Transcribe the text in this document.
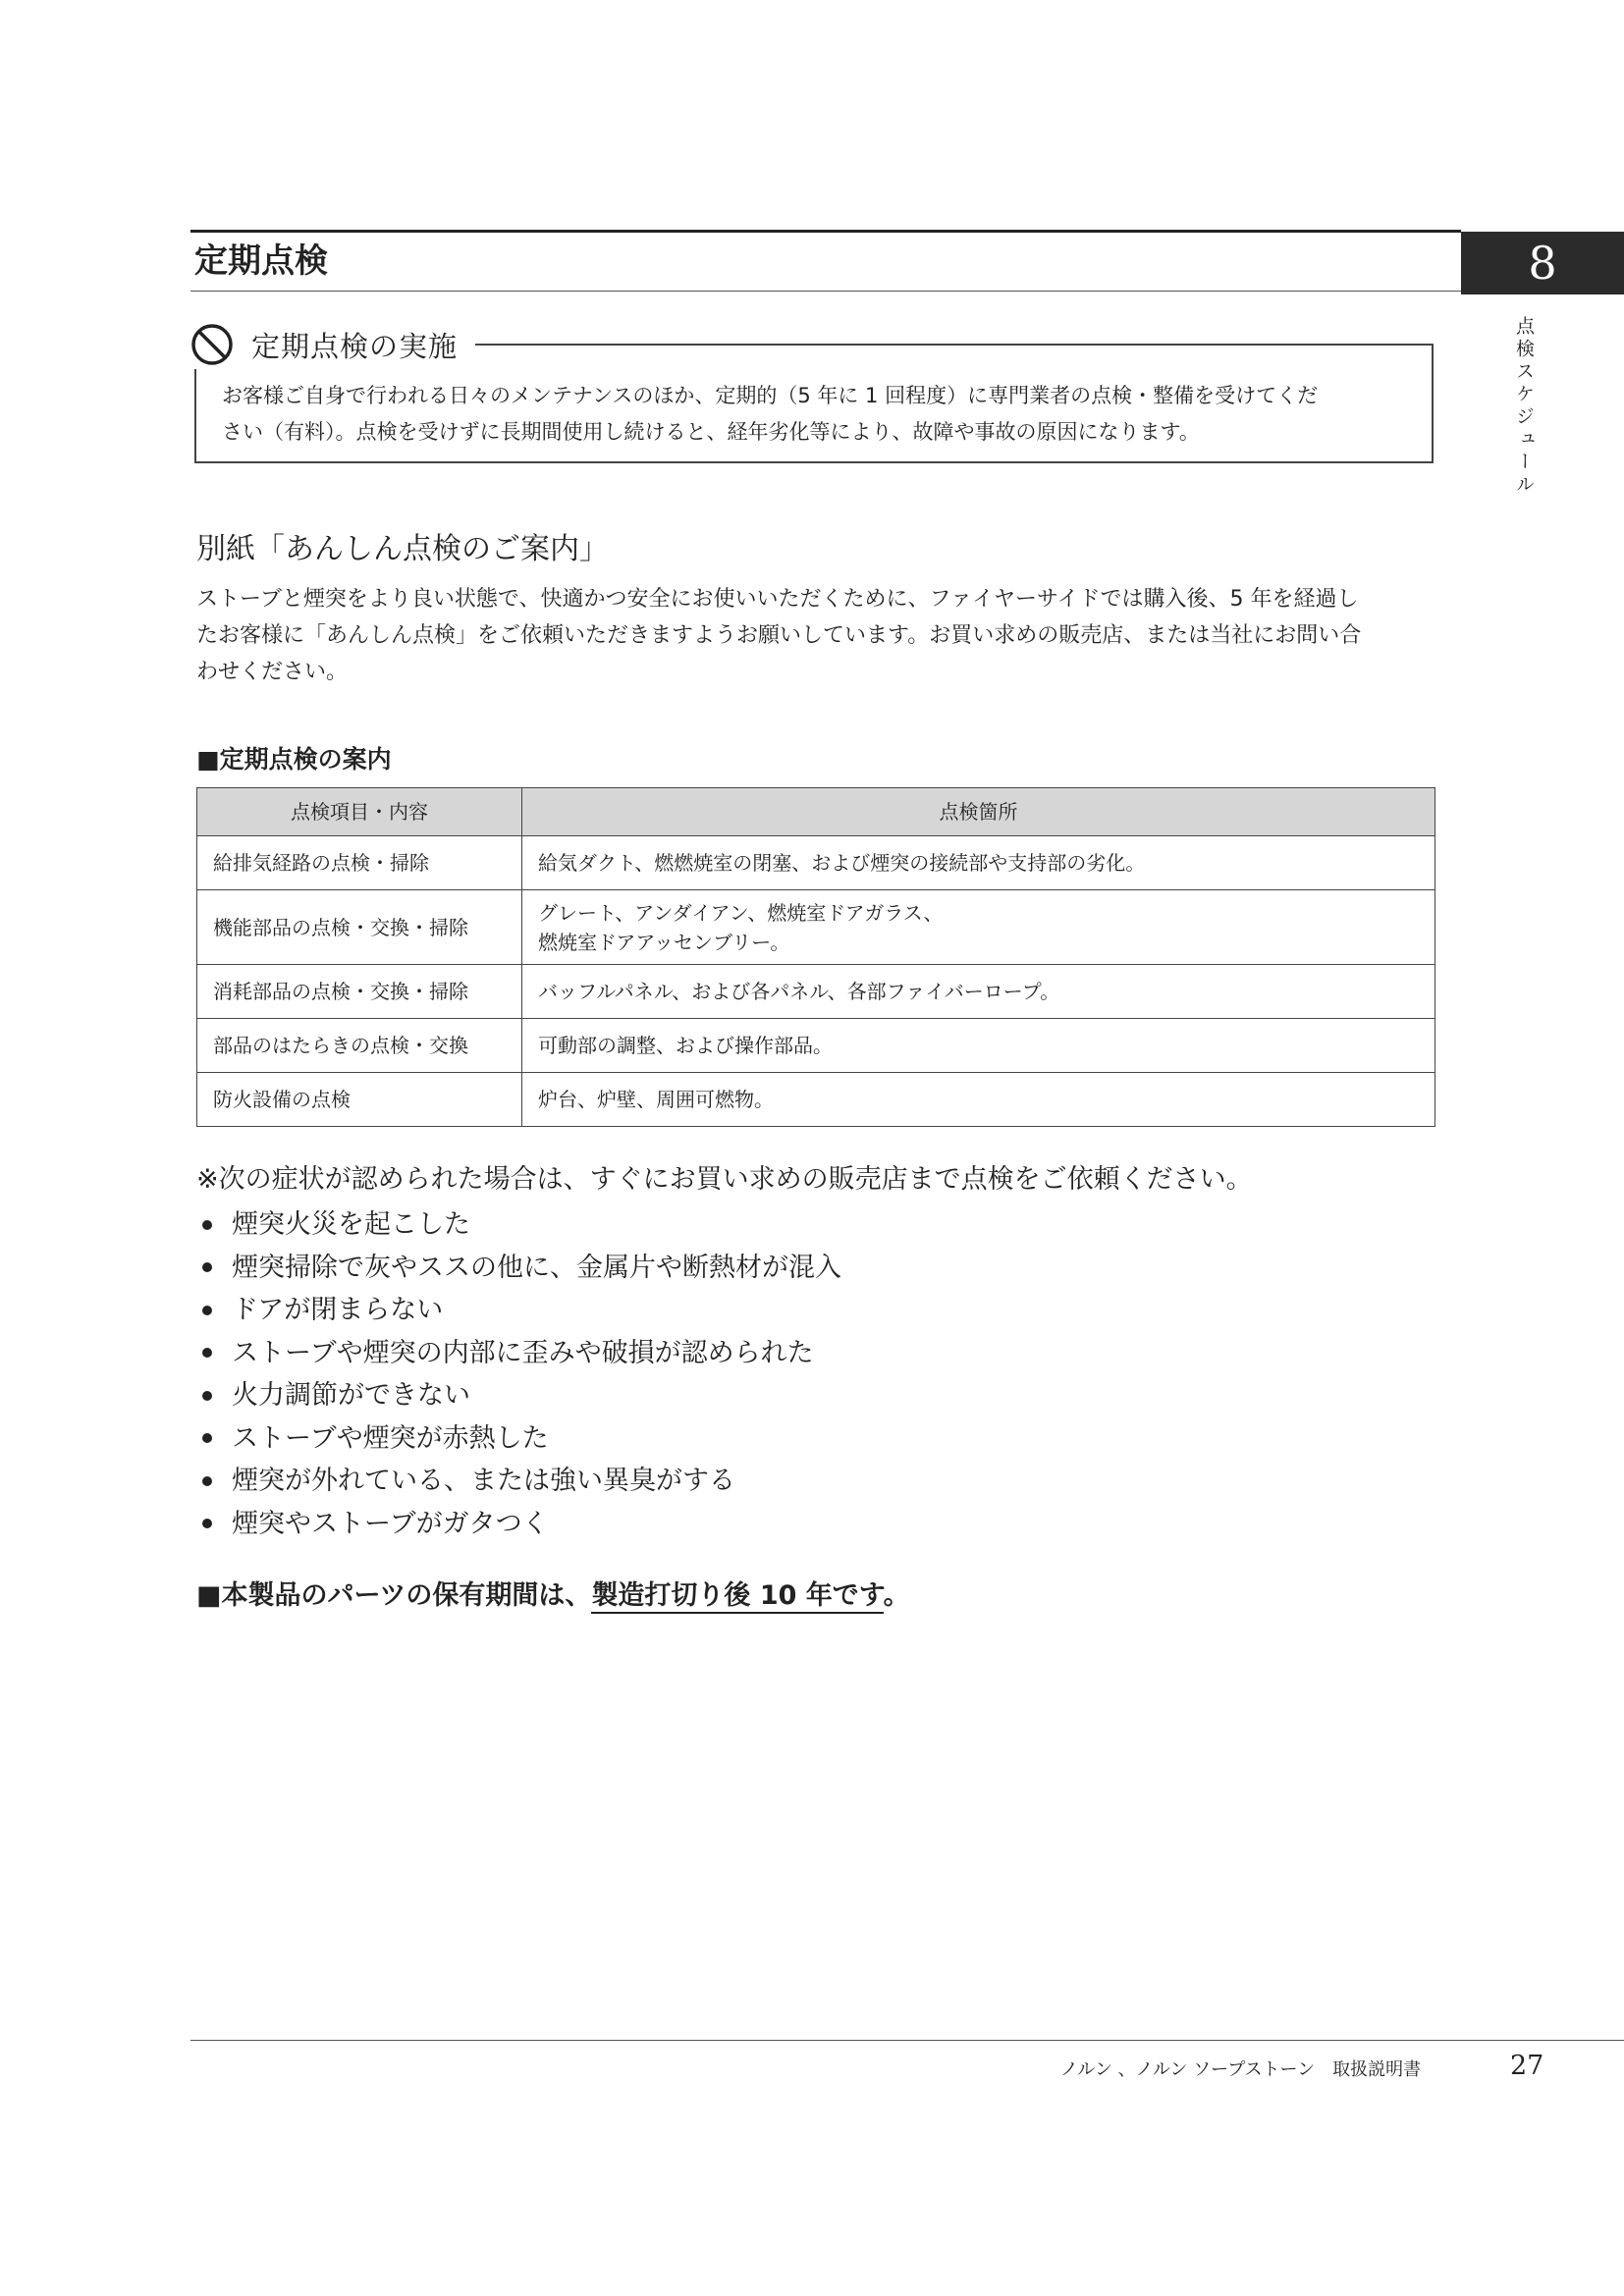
定期点検	8
点検スケジュール
定期点検の実施
お客様ご自身で行われる日々のメンテナンスのほか、定期的（5 年に 1 回程度）に専門業者の点検・整備を受けてくだ
さい（有料）。点検を受けずに長期間使用し続けると、経年劣化等により、故障や事故の原因になります。
別紙「あんしん点検のご案内」
ストーブと煙突をより良い状態で、快適かつ安全にお使いいただくために、ファイヤーサイドでは購入後、5 年を経過し
たお客様に「あんしん点検」をご依頼いただきますようお願いしています。お買い求めの販売店、または当社にお問い合
わせください。
■定期点検の案内
点検項目・内容	点検箇所
給排気経路の点検・掃除	給気ダクト、燃燃焼室の閉塞、および煙突の接続部や支持部の劣化。

機能部品の点検・交換・掃除	グレート、アンダイアン、燃焼室ドアガラス、
燃焼室ドアアッセンブリー。

消耗部品の点検・交換・掃除	バッフルパネル、および各パネル、各部ファイバーロープ。

部品のはたらきの点検・交換	可動部の調整、および操作部品。

防火設備の点検	炉台、炉壁、周囲可燃物。
※次の症状が認められた場合は、すぐにお買い求めの販売店まで点検をご依頼ください。
煙突火災を起こした
煙突掃除で灰やススの他に、金属片や断熱材が混入
ドアが閉まらない
ストーブや煙突の内部に歪みや破損が認められた
火力調節ができない
ストーブや煙突が赤熱した
煙突が外れている、または強い異臭がする
煙突やストーブがガタつく
■本製品のパーツの保有期間は、製造打切り後 10 年です。
ノルン 、ノルン ソープストーン　取扱説明書	27
